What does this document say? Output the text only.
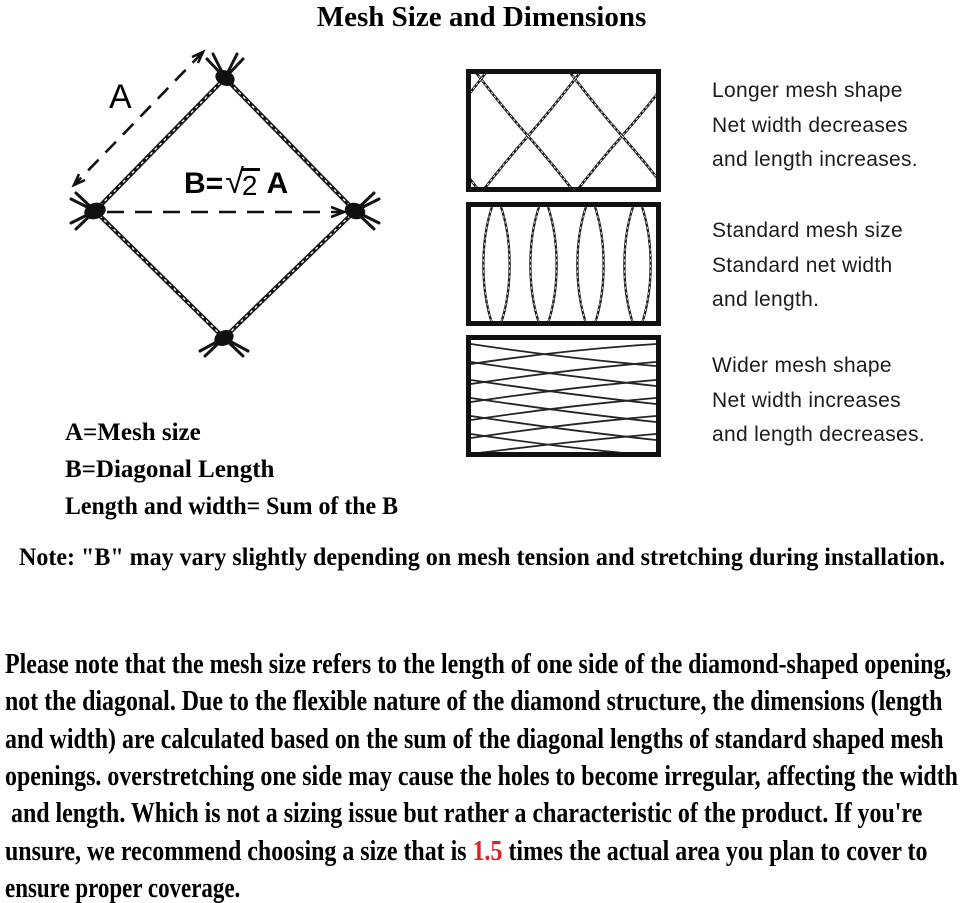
Mesh Size and Dimensions
A
B= √
2 A
Longer mesh shape
Net width decreases
and length increases.
Standard mesh size
Standard net width
and length.
Wider mesh shape
Net width increases
and length decreases.
A=Mesh size
B=Diagonal Length
Length and width= Sum of the B
Note: "B" may vary slightly depending on mesh tension and stretching during installation.
Please note that the mesh size refers to the length of one side of the diamond-shaped opening,
not the diagonal. Due to the flexible nature of the diamond structure, the dimensions (length
and width) are calculated based on the sum of the diagonal lengths of standard shaped mesh
openings. overstretching one side may cause the holes to become irregular, affecting the width
and length. Which is not a sizing issue but rather a characteristic of the product. If you're
unsure, we recommend choosing a size that is 1.5 times the actual area you plan to cover to
ensure proper coverage.
